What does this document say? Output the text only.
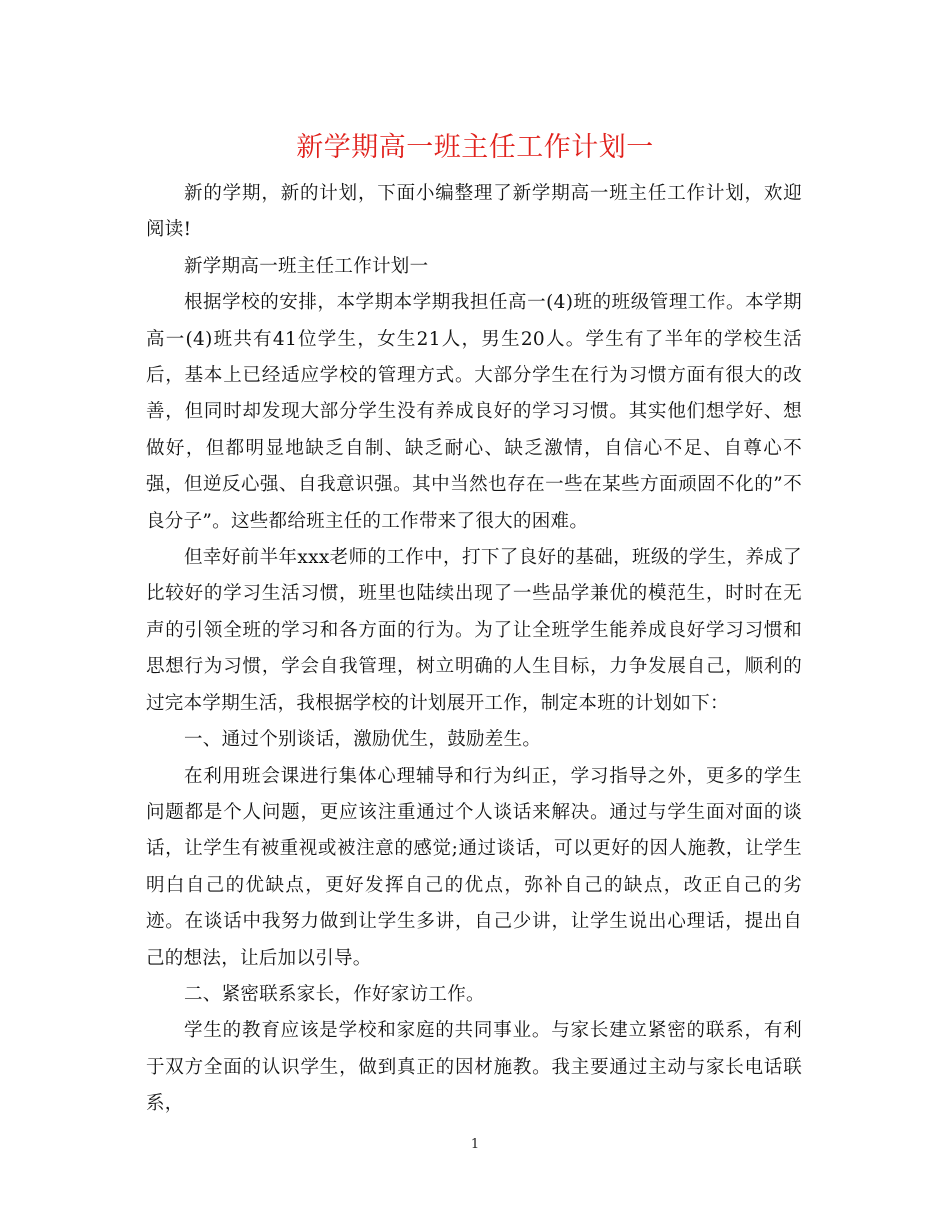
新学期高一班主任工作计划一

新的学期，新的计划，下面小编整理了新学期高一班主任工作计划，欢迎阅读!

新学期高一班主任工作计划一

根据学校的安排，本学期本学期我担任高一(4)班的班级管理工作。本学期高一(4)班共有41位学生，女生21人，男生20人。学生有了半年的学校生活后，基本上已经适应学校的管理方式。大部分学生在行为习惯方面有很大的改善，但同时却发现大部分学生没有养成良好的学习习惯。其实他们想学好、想做好，但都明显地缺乏自制、缺乏耐心、缺乏激情，自信心不足、自尊心不强，但逆反心强、自我意识强。其中当然也存在一些在某些方面顽固不化的”不良分子”。这些都给班主任的工作带来了很大的困难。

但幸好前半年xxx老师的工作中，打下了良好的基础，班级的学生，养成了比较好的学习生活习惯，班里也陆续出现了一些品学兼优的模范生，时时在无声的引领全班的学习和各方面的行为。为了让全班学生能养成良好学习习惯和思想行为习惯，学会自我管理，树立明确的人生目标，力争发展自己，顺利的过完本学期生活，我根据学校的计划展开工作，制定本班的计划如下：

一、通过个别谈话，激励优生，鼓励差生。

在利用班会课进行集体心理辅导和行为纠正，学习指导之外，更多的学生问题都是个人问题，更应该注重通过个人谈话来解决。通过与学生面对面的谈话，让学生有被重视或被注意的感觉;通过谈话，可以更好的因人施教，让学生明白自己的优缺点，更好发挥自己的优点，弥补自己的缺点，改正自己的劣迹。在谈话中我努力做到让学生多讲，自己少讲，让学生说出心理话，提出自己的想法，让后加以引导。

二、紧密联系家长，作好家访工作。

学生的教育应该是学校和家庭的共同事业。与家长建立紧密的联系，有利于双方全面的认识学生，做到真正的因材施教。我主要通过主动与家长电话联系，

1
